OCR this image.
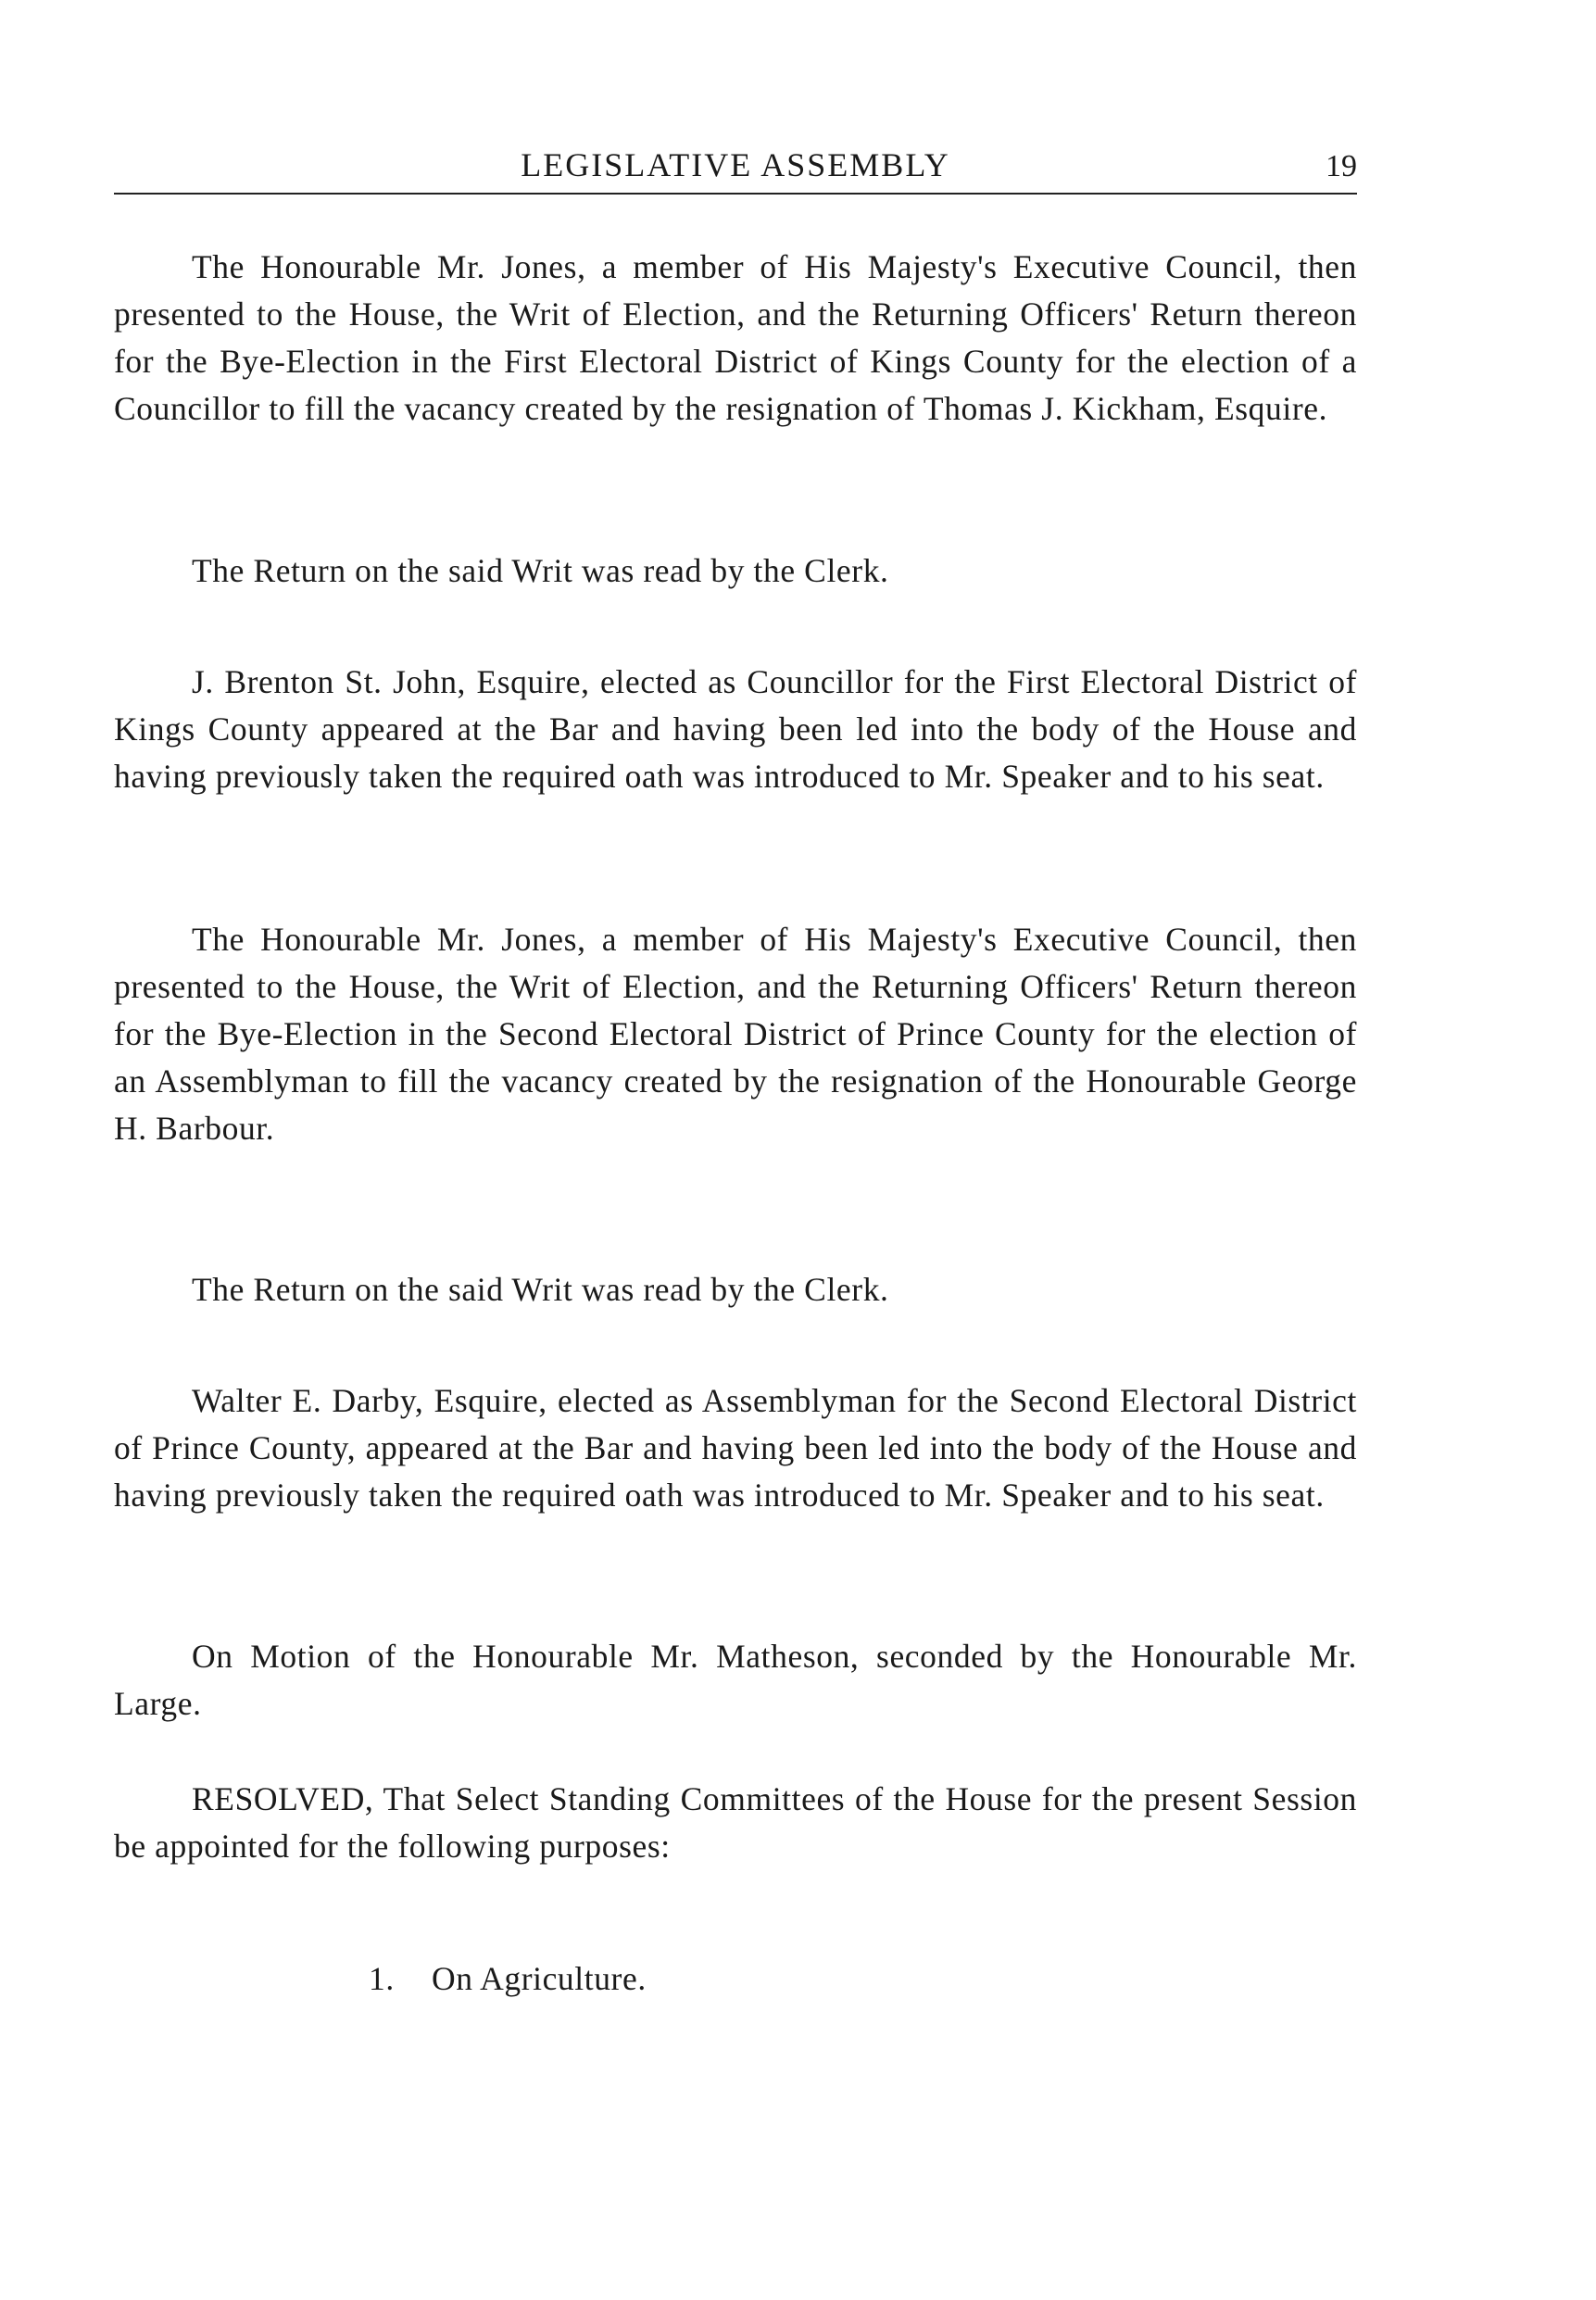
LEGISLATIVE ASSEMBLY	19

The Honourable Mr. Jones, a member of His Majesty's Executive Council, then presented to the House, the Writ of Election, and the Returning Officers' Return thereon for the Bye-Election in the First Electoral District of Kings County for the election of a Councillor to fill the vacancy created by the resignation of Thomas J. Kickham, Esquire.

The Return on the said Writ was read by the Clerk.

J. Brenton St. John, Esquire, elected as Councillor for the First Electoral District of Kings County appeared at the Bar and having been led into the body of the House and having previously taken the required oath was introduced to Mr. Speaker and to his seat.

The Honourable Mr. Jones, a member of His Majesty's Executive Council, then presented to the House, the Writ of Election, and the Returning Officers' Return thereon for the Bye-Election in the Second Electoral District of Prince County for the election of an Assemblyman to fill the vacancy created by the resignation of the Honourable George H. Barbour.

The Return on the said Writ was read by the Clerk.

Walter E. Darby, Esquire, elected as Assemblyman for the Second Electoral District of Prince County, appeared at the Bar and having been led into the body of the House and having previously taken the required oath was introduced to Mr. Speaker and to his seat.

On Motion of the Honourable Mr. Matheson, seconded by the Honourable Mr. Large.

RESOLVED, That Select Standing Committees of the House for the present Session be appointed for the following purposes:

1. On Agriculture.
